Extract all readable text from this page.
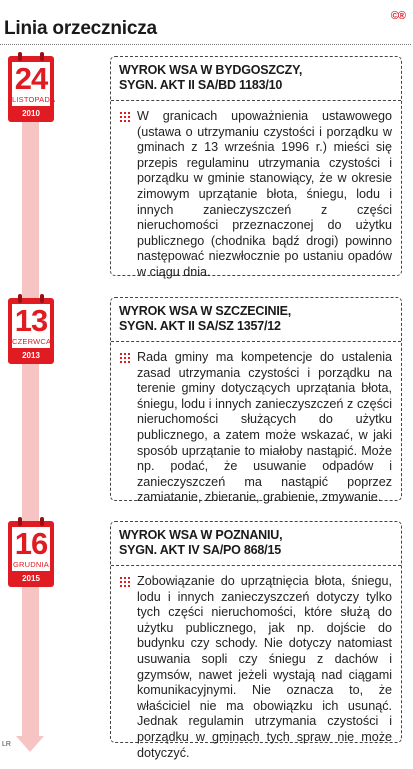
Linia orzecznicza
©®
24
LISTOPADA
2010
WYROK WSA W BYDGOSZCZY,
SYGN. AKT II SA/BD 1183/10
W granicach upoważnienia ustawowego (ustawa o utrzymaniu czystości i porządku w gminach z 13 września 1996 r.) mieści się przepis regulaminu utrzymania czystości i porządku w gminie stanowiący, że w okresie zimowym uprzątanie błota, śniegu, lodu i innych zanieczyszczeń z części nieruchomości przeznaczonej do użytku publicznego (chodnika bądź drogi) powinno następować niezwłocznie po ustaniu opadów w ciągu dnia.
13
CZERWCA
2013
WYROK WSA W SZCZECINIE,
SYGN. AKT II SA/SZ 1357/12
Rada gminy ma kompetencje do ustalenia zasad utrzymania czystości i porządku na terenie gminy dotyczących uprzątania błota, śniegu, lodu i innych zanieczyszczeń z części nieruchomości służących do użytku publicznego, a zatem może wskazać, w jaki sposób uprzątanie to miałoby nastąpić. Może np. podać, że usuwanie odpadów i zanieczyszczeń ma nastąpić poprzez zamiatanie, zbieranie, grabienie, zmywanie.
16
GRUDNIA
2015
WYROK WSA W POZNANIU,
SYGN. AKT IV SA/PO 868/15
Zobowiązanie do uprzątnięcia błota, śniegu, lodu i innych zanieczyszczeń dotyczy tylko tych części nieruchomości, które służą do użytku publicznego, jak np. dojście do budynku czy schody. Nie dotyczy natomiast usuwania sopli czy śniegu z dachów i gzymsów, nawet jeżeli wystają nad ciągami komunikacyjnymi. Nie oznacza to, że właściciel nie ma obowiązku ich usunąć. Jednak regulamin utrzymania czystości i porządku w gminach tych spraw nie może dotyczyć.
LR
